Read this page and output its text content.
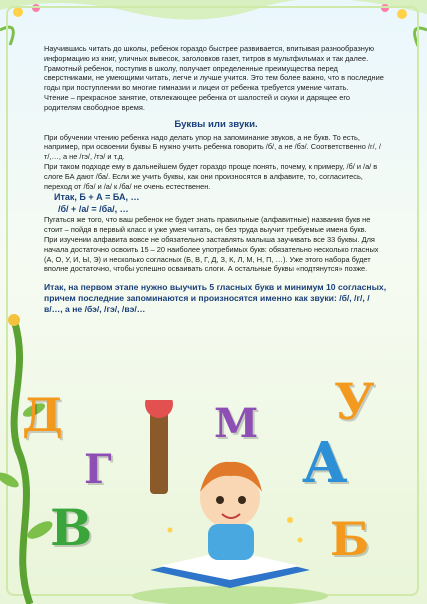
Научившись читать до школы, ребенок гораздо быстрее развивается, впитывая разнообразную информацию из книг, уличных вывесок, заголовков газет, титров в мультфильмах и так далее.

Грамотный ребенок, поступив в школу, получает определенные преимущества перед сверстниками, не умеющими читать, легче и лучше учится. Это тем более важно, что в последние годы при поступлении во многие гимназии и лицеи от ребенка требуется умение читать.

Чтение – прекрасное занятие, отвлекающее ребенка от шалостей и скуки и дарящее его родителям свободное время.

Буквы или звуки.

При обучении чтению ребенка надо делать упор на запоминание звуков, а не букв. То есть, например, при освоении буквы Б нужно учить ребенка говорить /б/, а не /бэ/. Соответственно /г/, /т/,…, а не /гэ/, /тэ/ и т.д.

При таком подходе ему в дальнейшем будет гораздо проще понять, почему, к примеру, /б/ и /а/ в слоге БА дают /ба/. Если же учить буквы, как они произносятся в алфавите, то, согласитесь, переход от /бэ/ и /а/ к /ба/ не очень естественен.

Итак, Б + А = БА, …

/б/ + /а/ = /ба/, …

Пугаться же того, что ваш ребенок не будет знать правильные (алфавитные) названия букв не стоит – пойдя в первый класс и уже умея читать, он без труда выучит требуемые имена букв.

При изучении алфавита вовсе не обязательно заставлять малыша заучивать все 33 буквы. Для начала достаточно освоить 15 – 20 наиболее употребимых букв: обязательно несколько гласных (А, О, У, И, Ы, Э) и несколько согласных (Б, В, Г, Д, З, К, Л, М, Н, П, …). Уже этого набора будет вполне достаточно, чтобы успешно осваивать слоги. А остальные буквы «подтянутся» позже.

Итак, на первом этапе нужно выучить 5 гласных букв и минимум 10 согласных, причем последние запоминаются и произносятся именно как звуки: /б/, /г/, /в/…, а не /бэ/, /гэ/, /вэ/…

Д	У
М
Г	А
В	Б
